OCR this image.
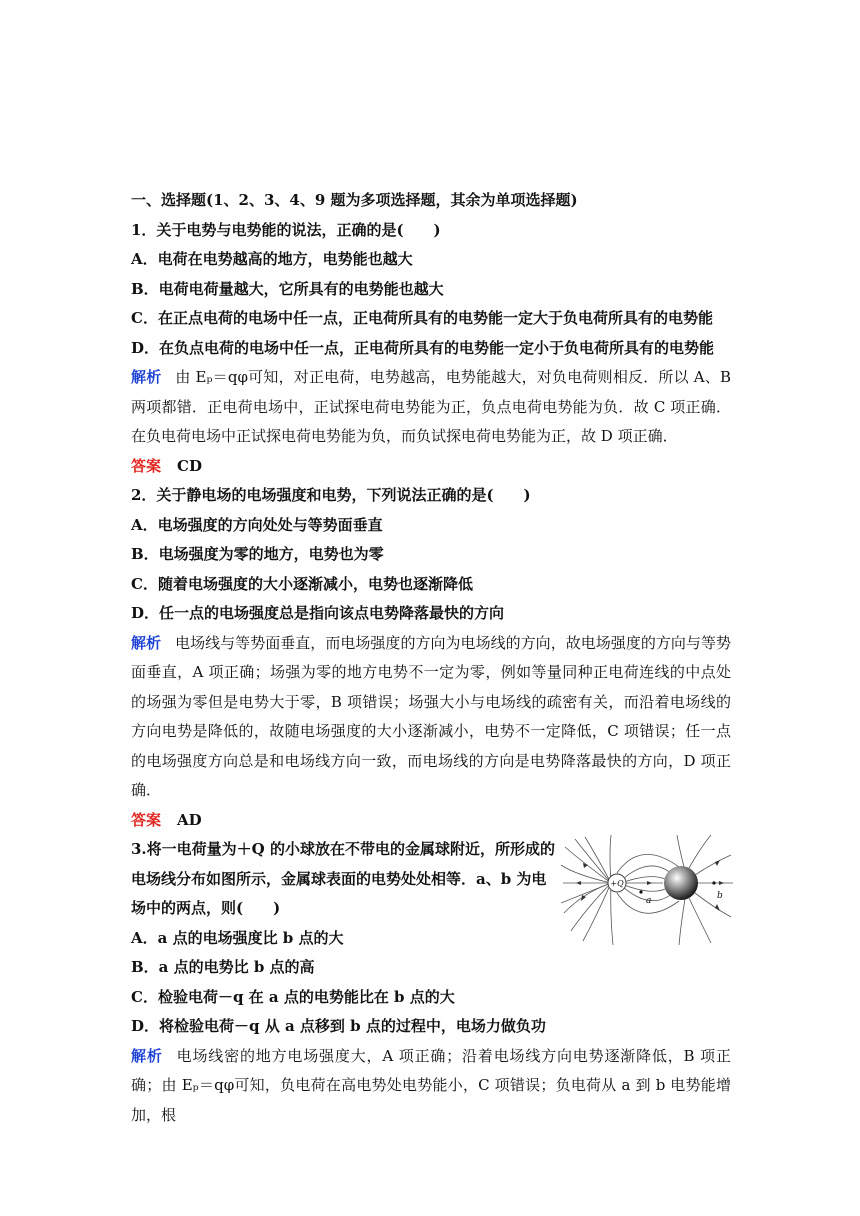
一、选择题(1、2、3、4、9 题为多项选择题，其余为单项选择题)
1．关于电势与电势能的说法，正确的是(　　)
A．电荷在电势越高的地方，电势能也越大
B．电荷电荷量越大，它所具有的电势能也越大
C．在正点电荷的电场中任一点，正电荷所具有的电势能一定大于负电荷所具有的电势能
D．在负点电荷的电场中任一点，正电荷所具有的电势能一定小于负电荷所具有的电势能
解析 由 Eₚ＝qφ可知，对正电荷，电势越高，电势能越大，对负电荷则相反．所以 A、B 两项都错．正电荷电场中，正试探电荷电势能为正，负点电荷电势能为负．故 C 项正确．在负电荷电场中正试探电荷电势能为负，而负试探电荷电势能为正，故 D 项正确．
答案 CD
2．关于静电场的电场强度和电势，下列说法正确的是(　　)
A．电场强度的方向处处与等势面垂直
B．电场强度为零的地方，电势也为零
C．随着电场强度的大小逐渐减小，电势也逐渐降低
D．任一点的电场强度总是指向该点电势降落最快的方向
解析 电场线与等势面垂直，而电场强度的方向为电场线的方向，故电场强度的方向与等势面垂直，A 项正确；场强为零的地方电势不一定为零，例如等量同种正电荷连线的中点处的场强为零但是电势大于零，B 项错误；场强大小与电场线的疏密有关，而沿着电场线的方向电势是降低的，故随电场强度的大小逐渐减小，电势不一定降低，C 项错误；任一点的电场强度方向总是和电场线方向一致，而电场线的方向是电势降落最快的方向，D 项正确．
答案 AD
3.将一电荷量为＋Q 的小球放在不带电的金属球附近，所形成的
电场线分布如图所示，金属球表面的电势处处相等．a、b 为电
场中的两点，则(　　)
+Q
a	b
A．a 点的电场强度比 b 点的大
B．a 点的电势比 b 点的高
C．检验电荷－q 在 a 点的电势能比在 b 点的大
D．将检验电荷－q 从 a 点移到 b 点的过程中，电场力做负功
解析 电场线密的地方电场强度大，A 项正确；沿着电场线方向电势逐渐降低，B 项正确；由 Eₚ＝qφ可知，负电荷在高电势处电势能小，C 项错误；负电荷从 a 到 b 电势能增加，根
